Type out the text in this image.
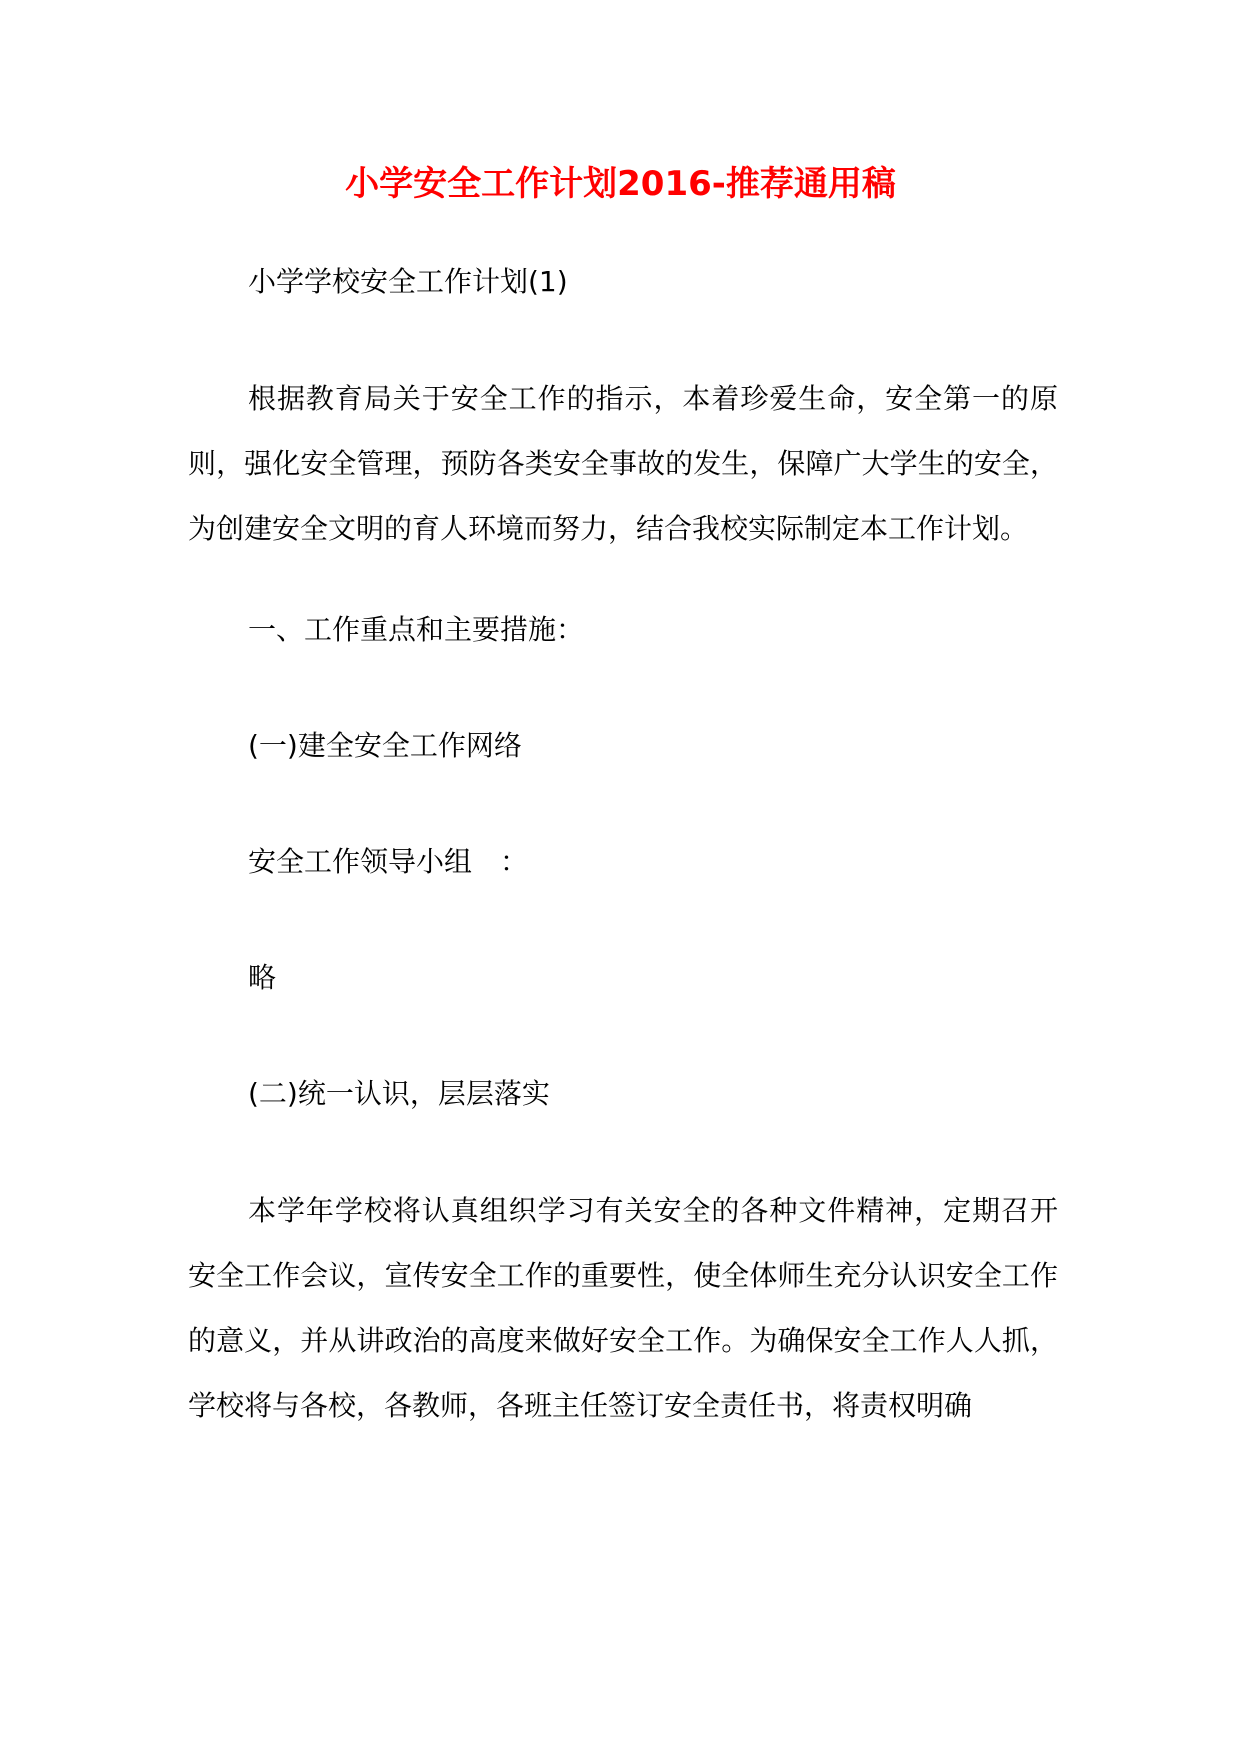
小学安全工作计划2016-推荐通用稿
小学学校安全工作计划(1)

根据教育局关于安全工作的指示，本着珍爱生命，安全第一的原则，强化安全管理，预防各类安全事故的发生，保障广大学生的安全，为创建安全文明的育人环境而努力，结合我校实际制定本工作计划。

一、工作重点和主要措施：
(一)建全安全工作网络
安全工作领导小组　：
略
(二)统一认识，层层落实

本学年学校将认真组织学习有关安全的各种文件精神，定期召开安全工作会议，宣传安全工作的重要性，使全体师生充分认识安全工作的意义，并从讲政治的高度来做好安全工作。为确保安全工作人人抓，学校将与各校，各教师，各班主任签订安全责任书，将责权明确
